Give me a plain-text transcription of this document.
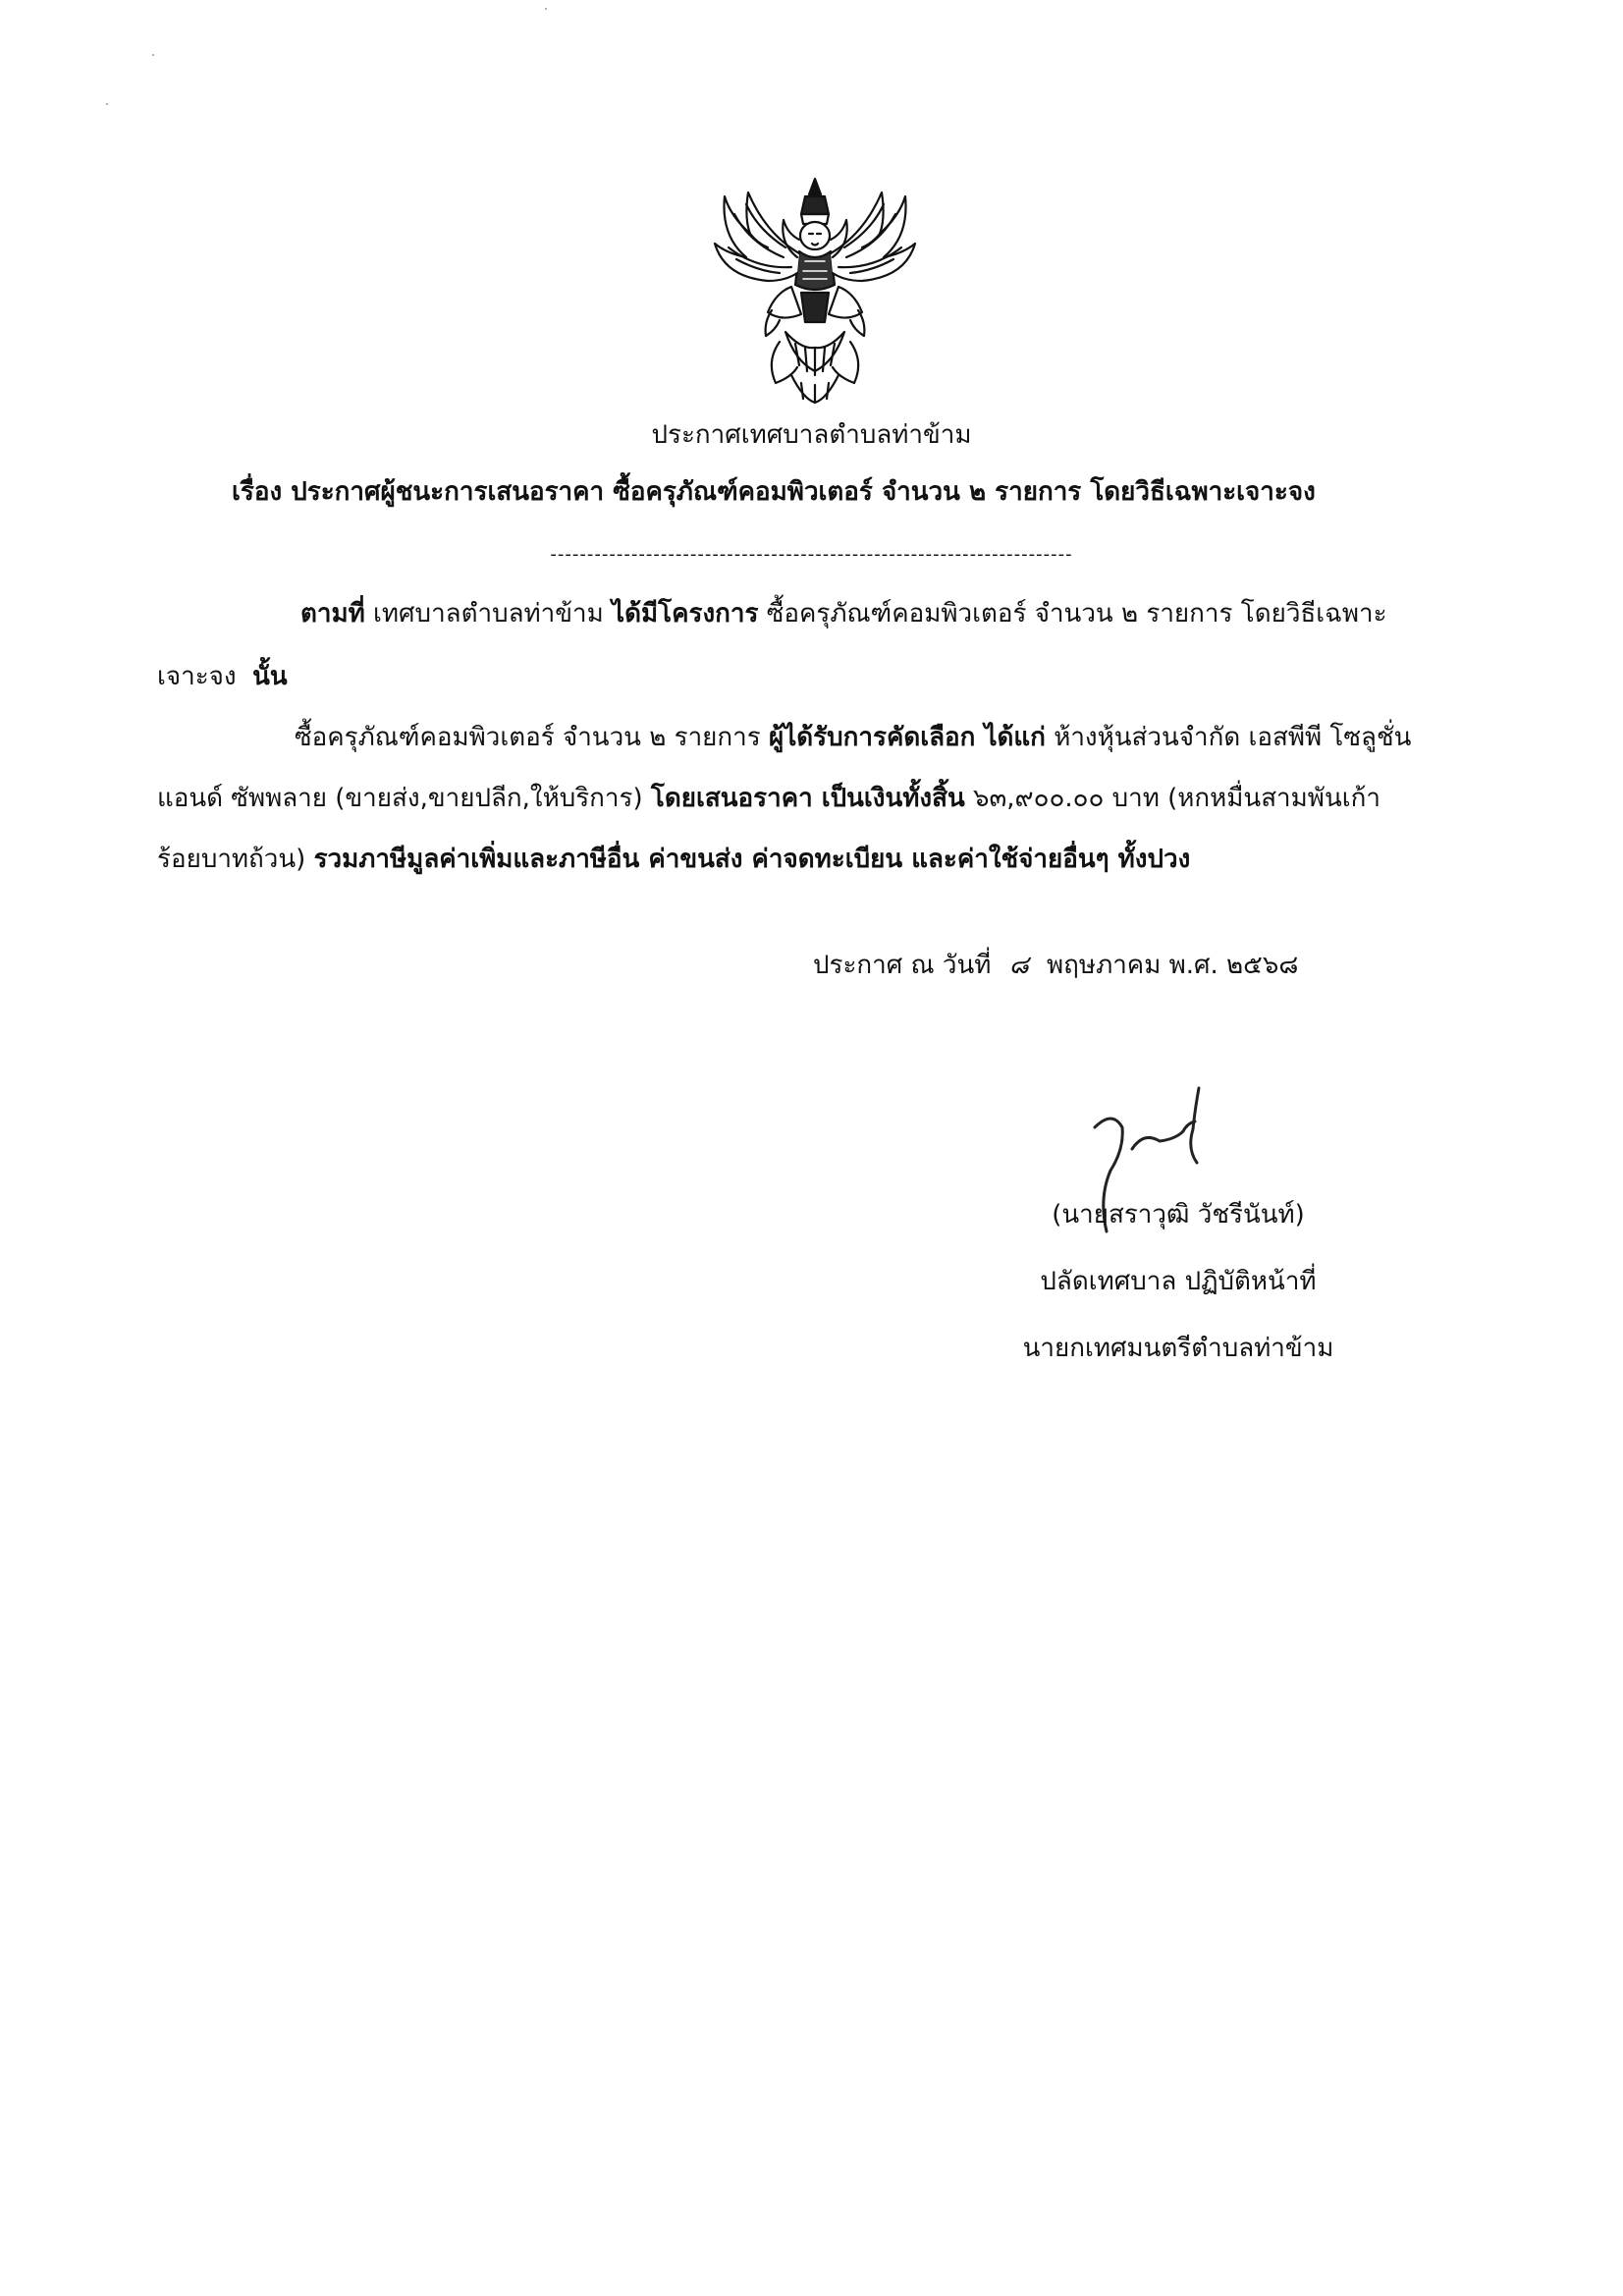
ประกาศเทศบาลตำบลท่าข้าม
เรื่อง ประกาศผู้ชนะการเสนอราคา ซื้อครุภัณฑ์คอมพิวเตอร์ จำนวน ๒ รายการ โดยวิธีเฉพาะเจาะจง
-----------------------------------------------------------------------
ตามที่ เทศบาลตำบลท่าข้าม ได้มีโครงการ ซื้อครุภัณฑ์คอมพิวเตอร์ จำนวน ๒ รายการ โดยวิธีเฉพาะ
เจาะจง นั้น
ซื้อครุภัณฑ์คอมพิวเตอร์ จำนวน ๒ รายการ ผู้ได้รับการคัดเลือก ได้แก่ ห้างหุ้นส่วนจำกัด เอสพีพี โซลูชั่น
แอนด์ ซัพพลาย (ขายส่ง,ขายปลีก,ให้บริการ) โดยเสนอราคา เป็นเงินทั้งสิ้น ๖๓,๙๐๐.๐๐ บาท (หกหมื่นสามพันเก้า
ร้อยบาทถ้วน) รวมภาษีมูลค่าเพิ่มและภาษีอื่น ค่าขนส่ง ค่าจดทะเบียน และค่าใช้จ่ายอื่นๆ ทั้งปวง
ประกาศ ณ วันที่ ๘ พฤษภาคม พ.ศ. ๒๕๖๘
(นายสราวุฒิ วัชรีนันท์)
ปลัดเทศบาล ปฏิบัติหน้าที่
นายกเทศมนตรีตำบลท่าข้าม
